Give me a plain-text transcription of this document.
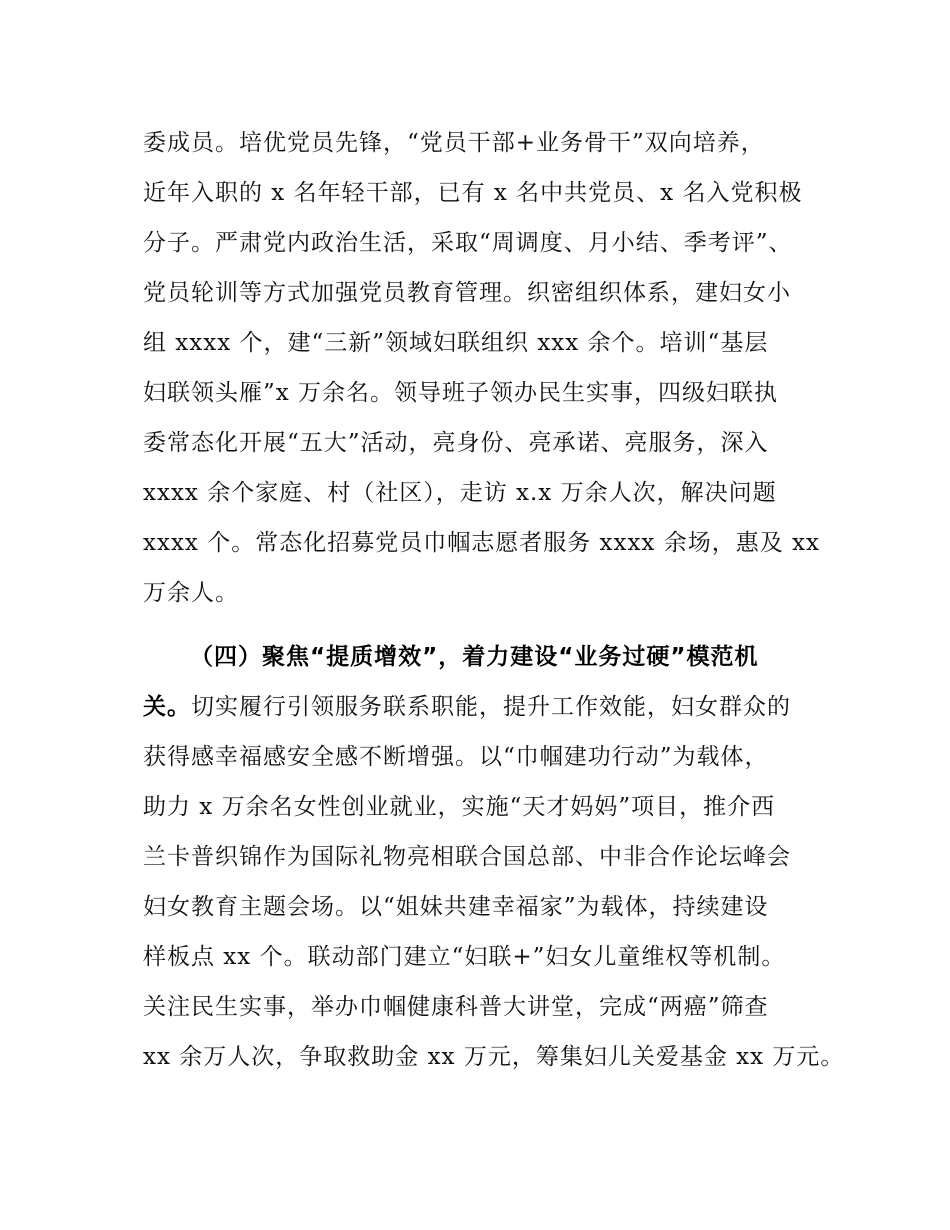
委成员。培优党员先锋，“党员干部+业务骨干”双向培养，
近年入职的 x 名年轻干部，已有 x 名中共党员、x 名入党积极
分子。严肃党内政治生活，采取“周调度、月小结、季考评”、
党员轮训等方式加强党员教育管理。织密组织体系，建妇女小
组 xxxx 个，建“三新”领域妇联组织 xxx 余个。培训“基层
妇联领头雁”x 万余名。领导班子领办民生实事，四级妇联执
委常态化开展“五大”活动，亮身份、亮承诺、亮服务，深入
xxxx 余个家庭、村（社区），走访 x.x 万余人次，解决问题
xxxx 个。常态化招募党员巾帼志愿者服务 xxxx 余场，惠及 xx
万余人。
（四）聚焦“提质增效”，着力建设“业务过硬”模范机
关。切实履行引领服务联系职能，提升工作效能，妇女群众的
获得感幸福感安全感不断增强。以“巾帼建功行动”为载体，
助力 x 万余名女性创业就业，实施“天才妈妈”项目，推介西
兰卡普织锦作为国际礼物亮相联合国总部、中非合作论坛峰会
妇女教育主题会场。以“姐妹共建幸福家”为载体，持续建设
样板点 xx 个。联动部门建立“妇联+”妇女儿童维权等机制。
关注民生实事，举办巾帼健康科普大讲堂，完成“两癌”筛查
xx 余万人次，争取救助金 xx 万元，筹集妇儿关爱基金 xx 万元。
